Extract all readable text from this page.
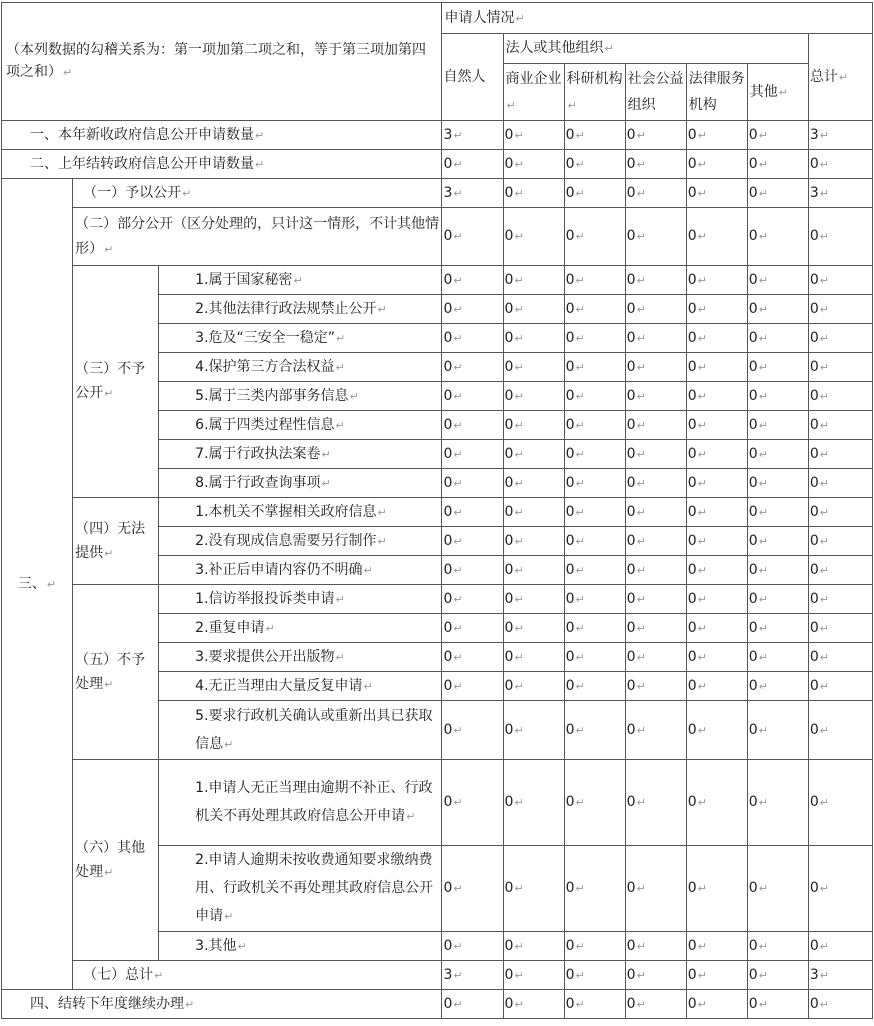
（本列数据的勾稽关系为：第一项加第二项之和，等于第三项加第四项之和）↵			申请人情况↵						
			自然人	法人或其他组织↵					总计↵
				商业企业↵	科研机构↵	社会公益组织	法律服务机构	其他↵	
一、本年新收政府信息公开申请数量↵			3↵	0↵	0↵	0↵	0↵	0↵	3↵
二、上年结转政府信息公开申请数量↵			0↵	0↵	0↵	0↵	0↵	0↵	0↵
三、↵	（一）予以公开↵		3↵	0↵	0↵	0↵	0↵	0↵	3↵
	（二）部分公开（区分处理的，只计这一情形，不计其他情形）↵		0↵	0↵	0↵	0↵	0↵	0↵	0↵
	（三）不予公开↵	1.属于国家秘密↵	0↵	0↵	0↵	0↵	0↵	0↵	0↵
		2.其他法律行政法规禁止公开↵	0↵	0↵	0↵	0↵	0↵	0↵	0↵
		3.危及“三安全一稳定”↵	0↵	0↵	0↵	0↵	0↵	0↵	0↵
		4.保护第三方合法权益↵	0↵	0↵	0↵	0↵	0↵	0↵	0↵
		5.属于三类内部事务信息↵	0↵	0↵	0↵	0↵	0↵	0↵	0↵
		6.属于四类过程性信息↵	0↵	0↵	0↵	0↵	0↵	0↵	0↵
		7.属于行政执法案卷↵	0↵	0↵	0↵	0↵	0↵	0↵	0↵
		8.属于行政查询事项↵	0↵	0↵	0↵	0↵	0↵	0↵	0↵
	（四）无法提供↵	1.本机关不掌握相关政府信息↵	0↵	0↵	0↵	0↵	0↵	0↵	0↵
		2.没有现成信息需要另行制作↵	0↵	0↵	0↵	0↵	0↵	0↵	0↵
		3.补正后申请内容仍不明确↵	0↵	0↵	0↵	0↵	0↵	0↵	0↵
	（五）不予处理↵	1.信访举报投诉类申请↵	0↵	0↵	0↵	0↵	0↵	0↵	0↵
		2.重复申请↵	0↵	0↵	0↵	0↵	0↵	0↵	0↵
		3.要求提供公开出版物↵	0↵	0↵	0↵	0↵	0↵	0↵	0↵
		4.无正当理由大量反复申请↵	0↵	0↵	0↵	0↵	0↵	0↵	0↵
		5.要求行政机关确认或重新出具已获取信息↵	0↵	0↵	0↵	0↵	0↵	0↵	0↵
	（六）其他处理↵	1.申请人无正当理由逾期不补正、行政机关不再处理其政府信息公开申请↵	0↵	0↵	0↵	0↵	0↵	0↵	0↵
		2.申请人逾期未按收费通知要求缴纳费用、行政机关不再处理其政府信息公开申请↵	0↵	0↵	0↵	0↵	0↵	0↵	0↵
		3.其他↵	0↵	0↵	0↵	0↵	0↵	0↵	0↵
	（七）总计↵		3↵	0↵	0↵	0↵	0↵	0↵	3↵
四、结转下年度继续办理↵			0↵	0↵	0↵	0↵	0↵	0↵	0↵
